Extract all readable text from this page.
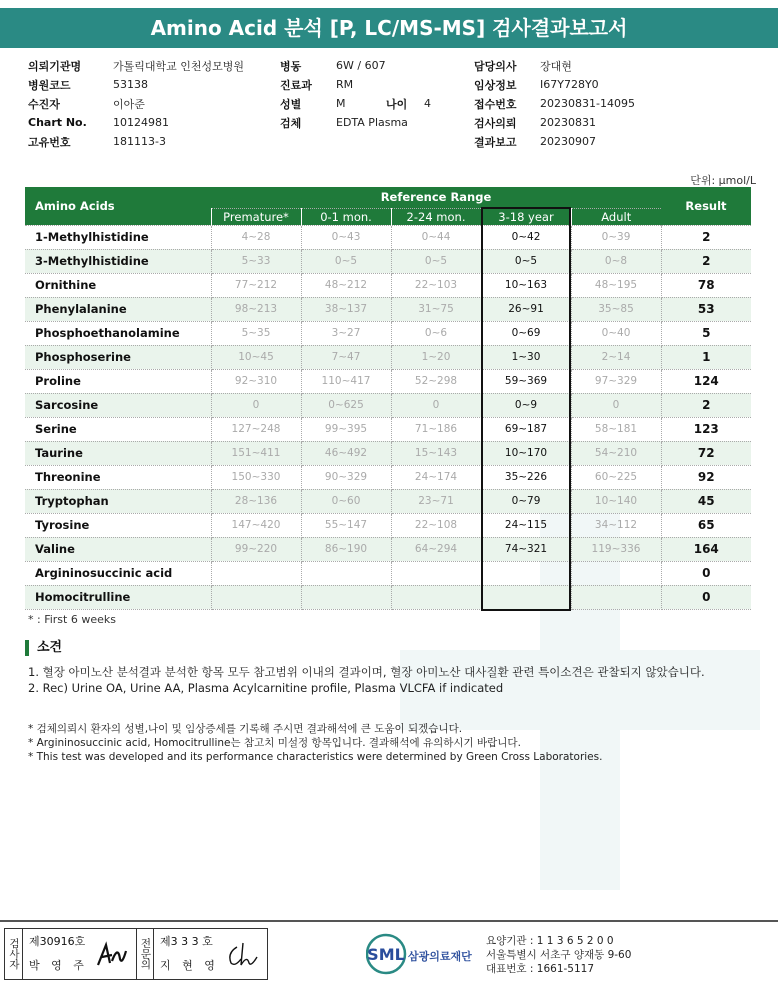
Amino Acid 분석 [P, LC/MS-MS] 검사결과보고서
의뢰기관명	가톨릭대학교 인천성모병원
병원코드	53138
수진자	이아준
Chart No.	10124981
고유번호	181113-3
병동	6W / 607
진료과	RM
성별	M	나이	4
검체	EDTA Plasma
담당의사	장대현
임상정보	I67Y728Y0
접수번호	20230831-14095
검사의뢰	20230831
결과보고	20230907
단위: μmol/L
Amino Acids	Reference Range					Result
	Premature*	0-1 mon.	2-24 mon.	3-18 year	Adult	
1-Methylhistidine	4~28	0~43	0~44	0~42	0~39	2
3-Methylhistidine	5~33	0~5	0~5	0~5	0~8	2
Ornithine	77~212	48~212	22~103	10~163	48~195	78
Phenylalanine	98~213	38~137	31~75	26~91	35~85	53
Phosphoethanolamine	5~35	3~27	0~6	0~69	0~40	5
Phosphoserine	10~45	7~47	1~20	1~30	2~14	1
Proline	92~310	110~417	52~298	59~369	97~329	124
Sarcosine	0	0~625	0	0~9	0	2
Serine	127~248	99~395	71~186	69~187	58~181	123
Taurine	151~411	46~492	15~143	10~170	54~210	72
Threonine	150~330	90~329	24~174	35~226	60~225	92
Tryptophan	28~136	0~60	23~71	0~79	10~140	45
Tyrosine	147~420	55~147	22~108	24~115	34~112	65
Valine	99~220	86~190	64~294	74~321	119~336	164
Argininosuccinic acid						0
Homocitrulline						0
* : First 6 weeks
소견
1. 혈장 아미노산 분석결과 분석한 항목 모두 참고범위 이내의 결과이며, 혈장 아미노산 대사질환 관련 특이소견은 관찰되지 않았습니다.
2. Rec) Urine OA, Urine AA, Plasma Acylcarnitine profile, Plasma VLCFA if indicated
* 검체의뢰시 환자의 성별,나이 및 임상증세를 기록해 주시면 결과해석에 큰 도움이 되겠습니다.
* Argininosuccinic acid, Homocitrulline는 참고치 미설정 항목입니다. 결과해석에 유의하시기 바랍니다.
* This test was developed and its performance characteristics were determined by Green Cross Laboratories.
검사자 제30916호
박 영 주	전문의 제3 3 3 호
지 현 영
SML 삼광의료재단
요양기관 : 1 1 3 6 5 2 0 0
서울특별시 서초구 양재동 9-60
대표번호 : 1661-5117
